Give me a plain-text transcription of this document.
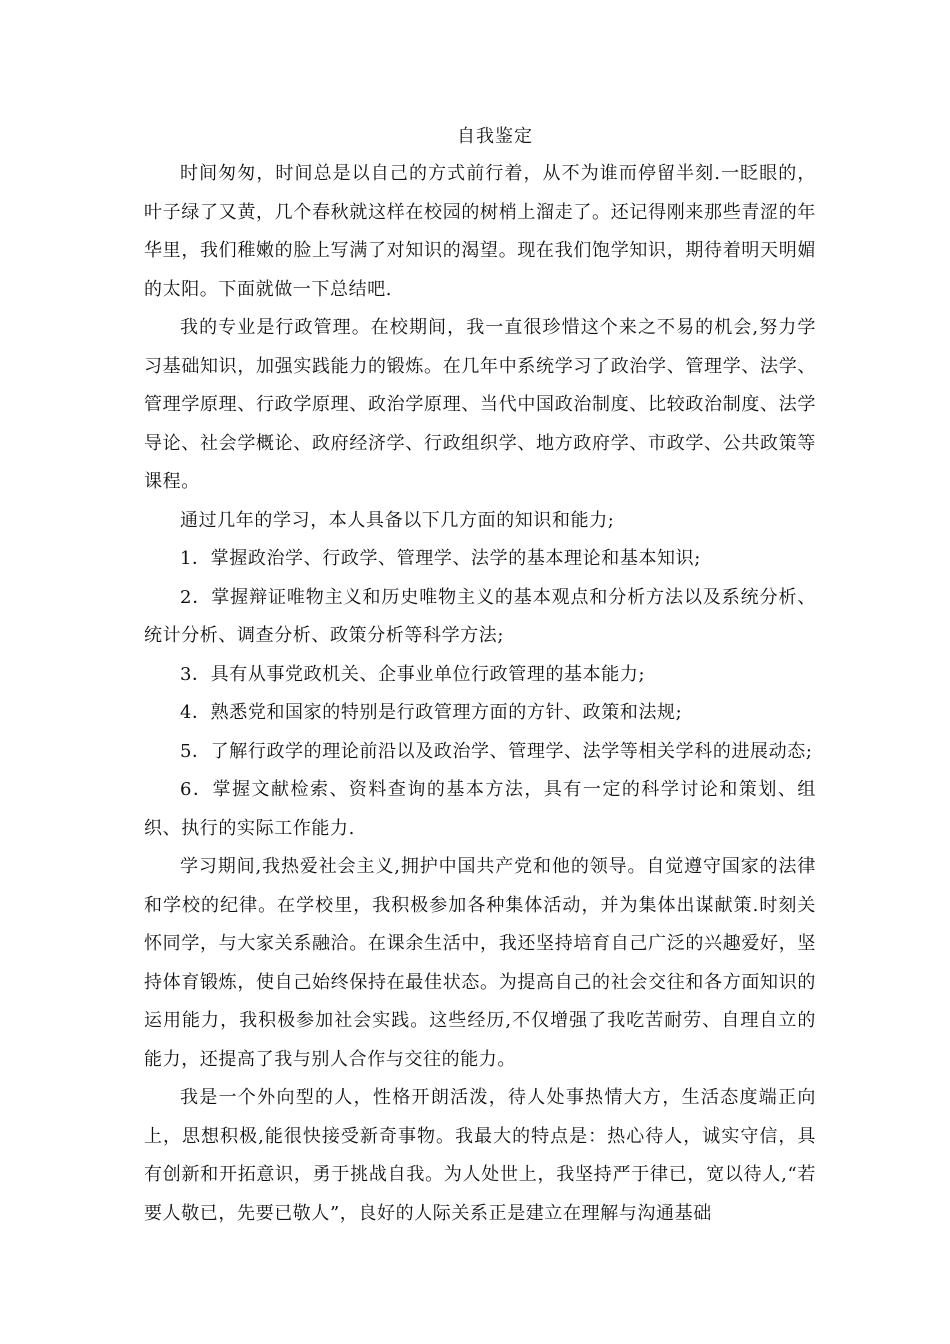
自我鉴定

时间匆匆，时间总是以自己的方式前行着，从不为谁而停留半刻.一眨眼的，叶子绿了又黄，几个春秋就这样在校园的树梢上溜走了。还记得刚来那些青涩的年华里，我们稚嫩的脸上写满了对知识的渴望。现在我们饱学知识，期待着明天明媚的太阳。下面就做一下总结吧.

我的专业是行政管理。在校期间，我一直很珍惜这个来之不易的机会,努力学习基础知识，加强实践能力的锻炼。在几年中系统学习了政治学、管理学、法学、管理学原理、行政学原理、政治学原理、当代中国政治制度、比较政治制度、法学导论、社会学概论、政府经济学、行政组织学、地方政府学、市政学、公共政策等课程。

通过几年的学习，本人具备以下几方面的知识和能力;

1．掌握政治学、行政学、管理学、法学的基本理论和基本知识;

2．掌握辩证唯物主义和历史唯物主义的基本观点和分析方法以及系统分析、统计分析、调查分析、政策分析等科学方法;

3．具有从事党政机关、企事业单位行政管理的基本能力;

4．熟悉党和国家的特别是行政管理方面的方针、政策和法规;

5．了解行政学的理论前沿以及政治学、管理学、法学等相关学科的进展动态;

6．掌握文献检索、资料查询的基本方法，具有一定的科学讨论和策划、组织、执行的实际工作能力.

学习期间,我热爱社会主义,拥护中国共产党和他的领导。自觉遵守国家的法律和学校的纪律。在学校里，我积极参加各种集体活动，并为集体出谋献策.时刻关怀同学，与大家关系融洽。在课余生活中，我还坚持培育自己广泛的兴趣爱好，坚持体育锻炼，使自己始终保持在最佳状态。为提高自己的社会交往和各方面知识的运用能力，我积极参加社会实践。这些经历,不仅增强了我吃苦耐劳、自理自立的能力，还提高了我与别人合作与交往的能力。

我是一个外向型的人，性格开朗活泼，待人处事热情大方，生活态度端正向上，思想积极,能很快接受新奇事物。我最大的特点是：热心待人，诚实守信，具有创新和开拓意识，勇于挑战自我。为人处世上，我坚持严于律已，宽以待人,“若要人敬已，先要已敬人”，良好的人际关系正是建立在理解与沟通基础
